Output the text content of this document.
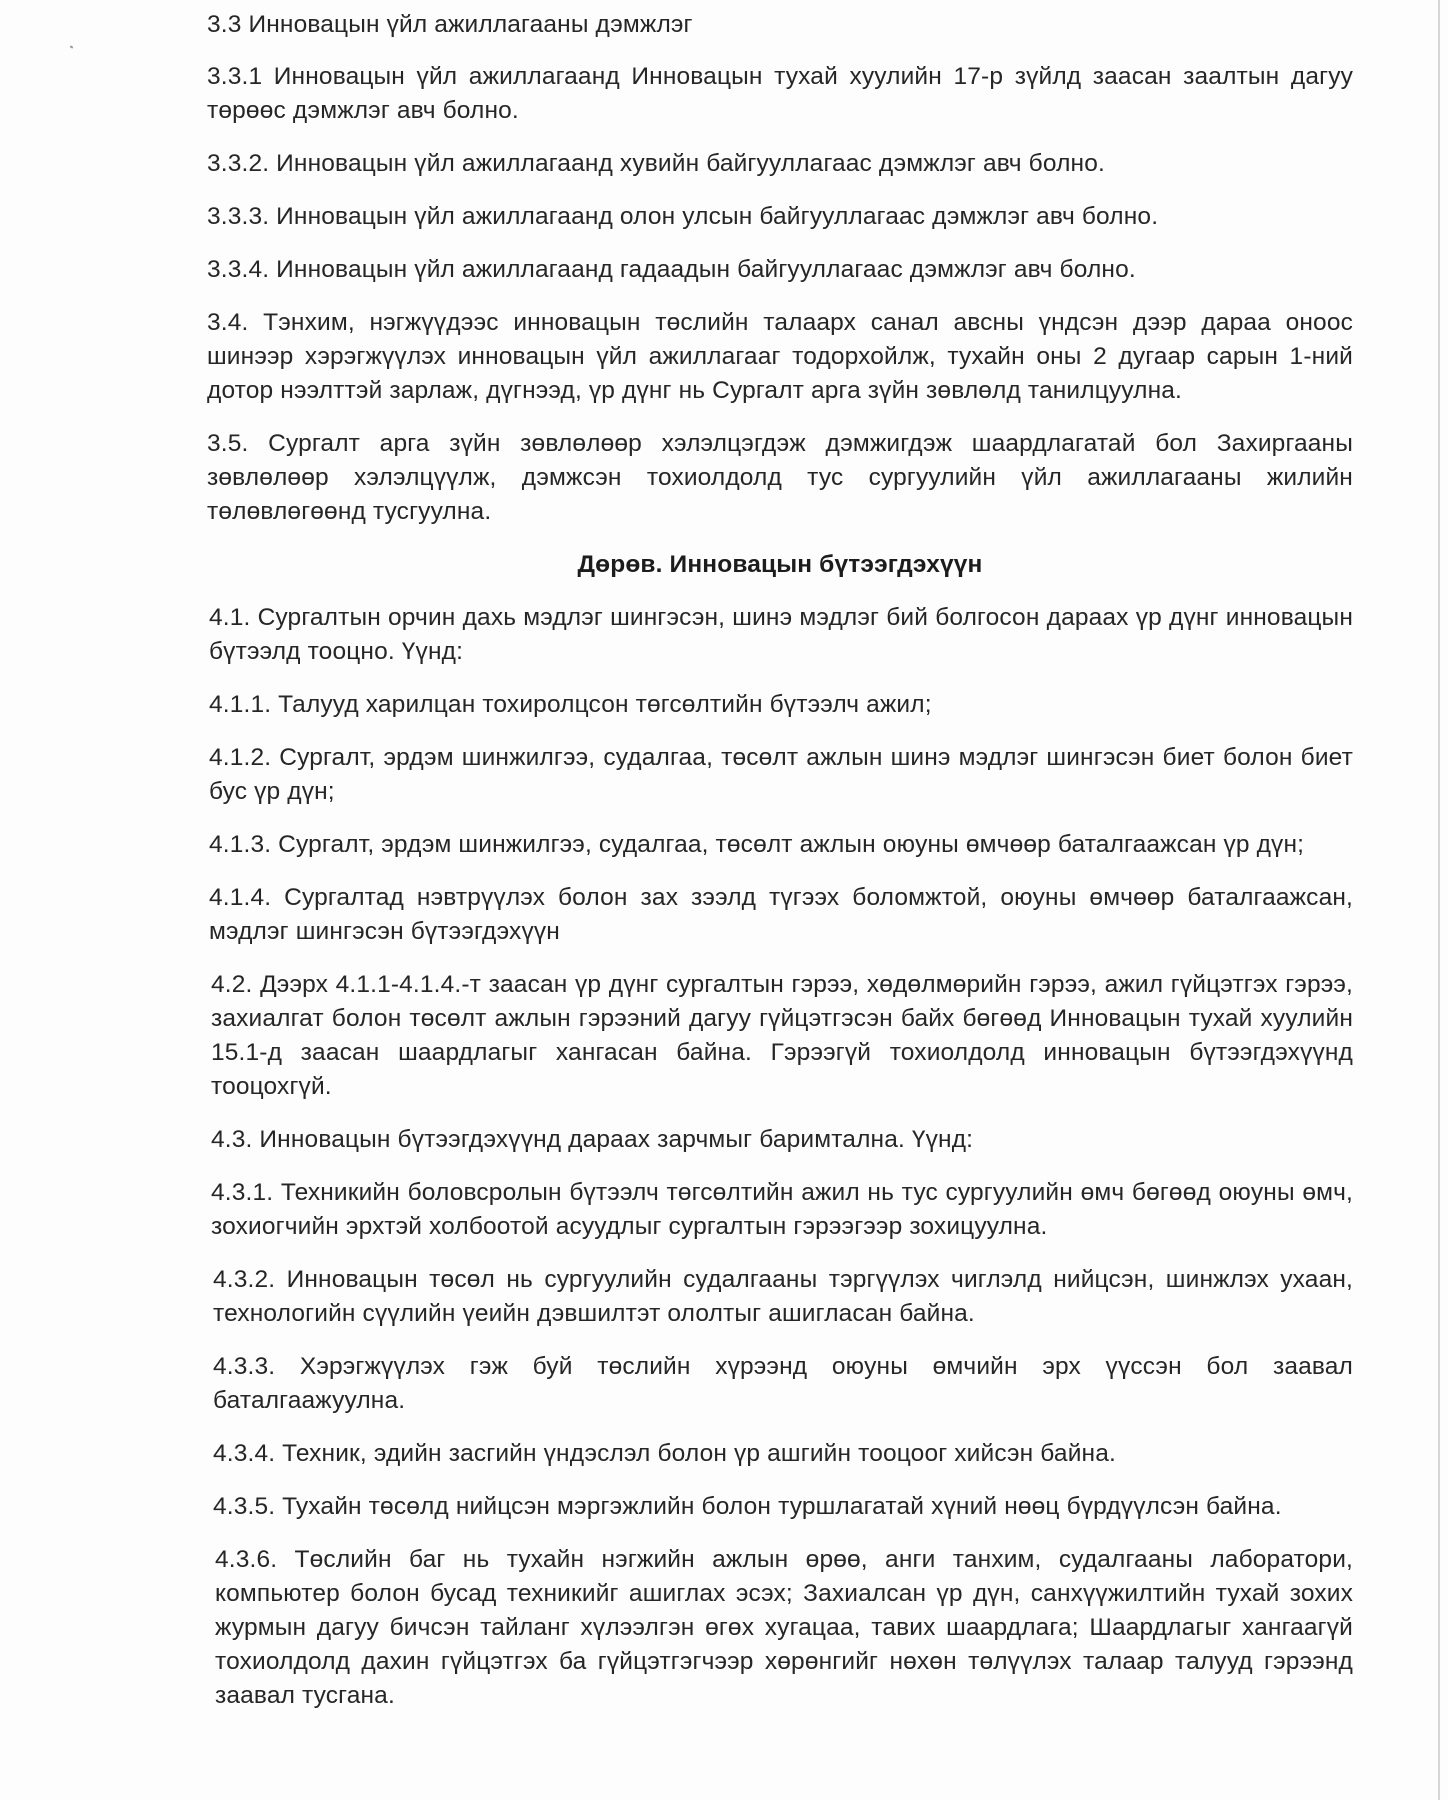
3.3 Инновацын үйл ажиллагааны дэмжлэг

3.3.1 Инновацын үйл ажиллагаанд Инновацын тухай хуулийн 17-р зүйлд заасан заалтын дагуу төрөөс дэмжлэг авч болно.

3.3.2. Инновацын үйл ажиллагаанд хувийн байгууллагаас дэмжлэг авч болно.

3.3.3. Инновацын үйл ажиллагаанд олон улсын байгууллагаас дэмжлэг авч болно.

3.3.4. Инновацын үйл ажиллагаанд гадаадын байгууллагаас дэмжлэг авч болно.

3.4. Тэнхим, нэгжүүдээс инновацын төслийн талаарх санал авсны үндсэн дээр дараа оноос шинээр хэрэгжүүлэх инновацын үйл ажиллагааг тодорхойлж, тухайн оны 2 дугаар сарын 1-ний дотор нээлттэй зарлаж, дүгнээд, үр дүнг нь Сургалт арга зүйн зөвлөлд танилцуулна.

3.5. Сургалт арга зүйн зөвлөлөөр хэлэлцэгдэж дэмжигдэж шаардлагатай бол Захиргааны зөвлөлөөр хэлэлцүүлж, дэмжсэн тохиолдолд тус сургуулийн үйл ажиллагааны жилийн төлөвлөгөөнд тусгуулна.

Дөрөв. Инновацын бүтээгдэхүүн

4.1. Сургалтын орчин дахь мэдлэг шингэсэн, шинэ мэдлэг бий болгосон дараах үр дүнг инновацын бүтээлд тооцно. Үүнд:

4.1.1. Талууд харилцан тохиролцсон төгсөлтийн бүтээлч ажил;

4.1.2. Сургалт, эрдэм шинжилгээ, судалгаа, төсөлт ажлын шинэ мэдлэг шингэсэн биет болон биет бус үр дүн;

4.1.3. Сургалт, эрдэм шинжилгээ, судалгаа, төсөлт ажлын оюуны өмчөөр баталгаажсан үр дүн;

4.1.4. Сургалтад нэвтрүүлэх болон зах зээлд түгээх боломжтой, оюуны өмчөөр баталгаажсан, мэдлэг шингэсэн бүтээгдэхүүн

4.2. Дээрх 4.1.1-4.1.4.-т заасан үр дүнг сургалтын гэрээ, хөдөлмөрийн гэрээ, ажил гүйцэтгэх гэрээ, захиалгат болон төсөлт ажлын гэрээний дагуу гүйцэтгэсэн байх бөгөөд Инновацын тухай хуулийн 15.1-д заасан шаардлагыг хангасан байна. Гэрээгүй тохиолдолд инновацын бүтээгдэхүүнд тооцохгүй.

4.3. Инновацын бүтээгдэхүүнд дараах зарчмыг баримтална. Үүнд:

4.3.1. Техникийн боловсролын бүтээлч төгсөлтийн ажил нь тус сургуулийн өмч бөгөөд оюуны өмч, зохиогчийн эрхтэй холбоотой асуудлыг сургалтын гэрээгээр зохицуулна.

4.3.2. Инновацын төсөл нь сургуулийн судалгааны тэргүүлэх чиглэлд нийцсэн, шинжлэх ухаан, технологийн сүүлийн үеийн дэвшилтэт ололтыг ашигласан байна.

4.3.3. Хэрэгжүүлэх гэж буй төслийн хүрээнд оюуны өмчийн эрх үүссэн бол заавал баталгаажуулна.

4.3.4. Техник, эдийн засгийн үндэслэл болон үр ашгийн тооцоог хийсэн байна.

4.3.5. Тухайн төсөлд нийцсэн мэргэжлийн болон туршлагатай хүний нөөц бүрдүүлсэн байна.

4.3.6. Төслийн баг нь тухайн нэгжийн ажлын өрөө, анги танхим, судалгааны лаборатори, компьютер болон бусад техникийг ашиглах эсэх; Захиалсан үр дүн, санхүүжилтийн тухай зохих журмын дагуу бичсэн тайланг хүлээлгэн өгөх хугацаа, тавих шаардлага; Шаардлагыг хангаагүй тохиолдолд дахин гүйцэтгэх ба гүйцэтгэгчээр хөрөнгийг нөхөн төлүүлэх талаар талууд гэрээнд заавал тусгана.
